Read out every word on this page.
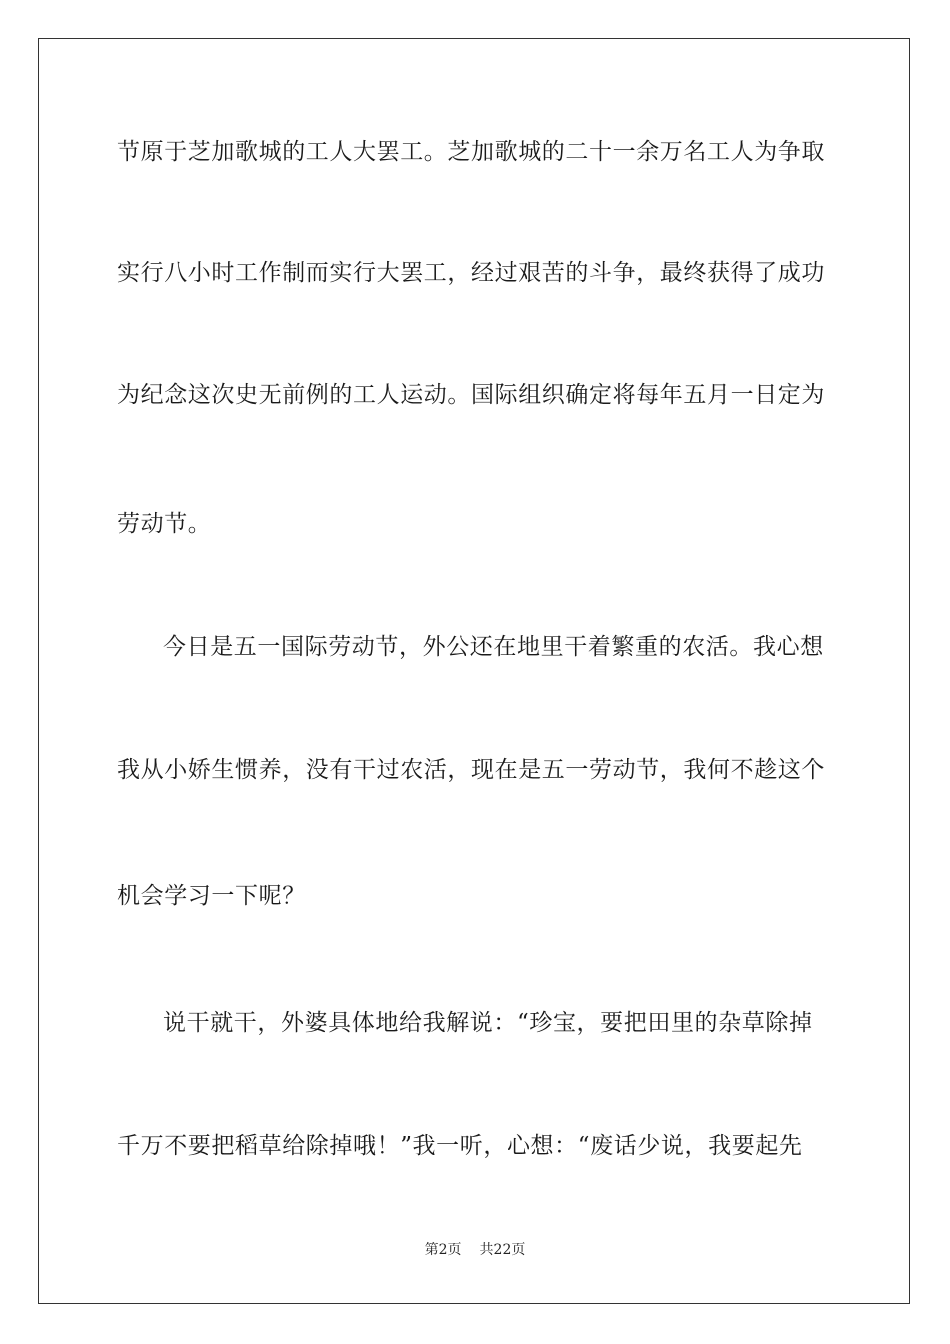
节原于芝加歌城的工人大罢工。芝加歌城的二十一余万名工人为争取
实行八小时工作制而实行大罢工，经过艰苦的斗争，最终获得了成功
为纪念这次史无前例的工人运动。国际组织确定将每年五月一日定为
劳动节。
今日是五一国际劳动节，外公还在地里干着繁重的农活。我心想
我从小娇生惯养，没有干过农活，现在是五一劳动节，我何不趁这个
机会学习一下呢？
说干就干，外婆具体地给我解说：“珍宝，要把田里的杂草除掉
千万不要把稻草给除掉哦！”我一听，心想：“废话少说，我要起先
第2页 共22页
